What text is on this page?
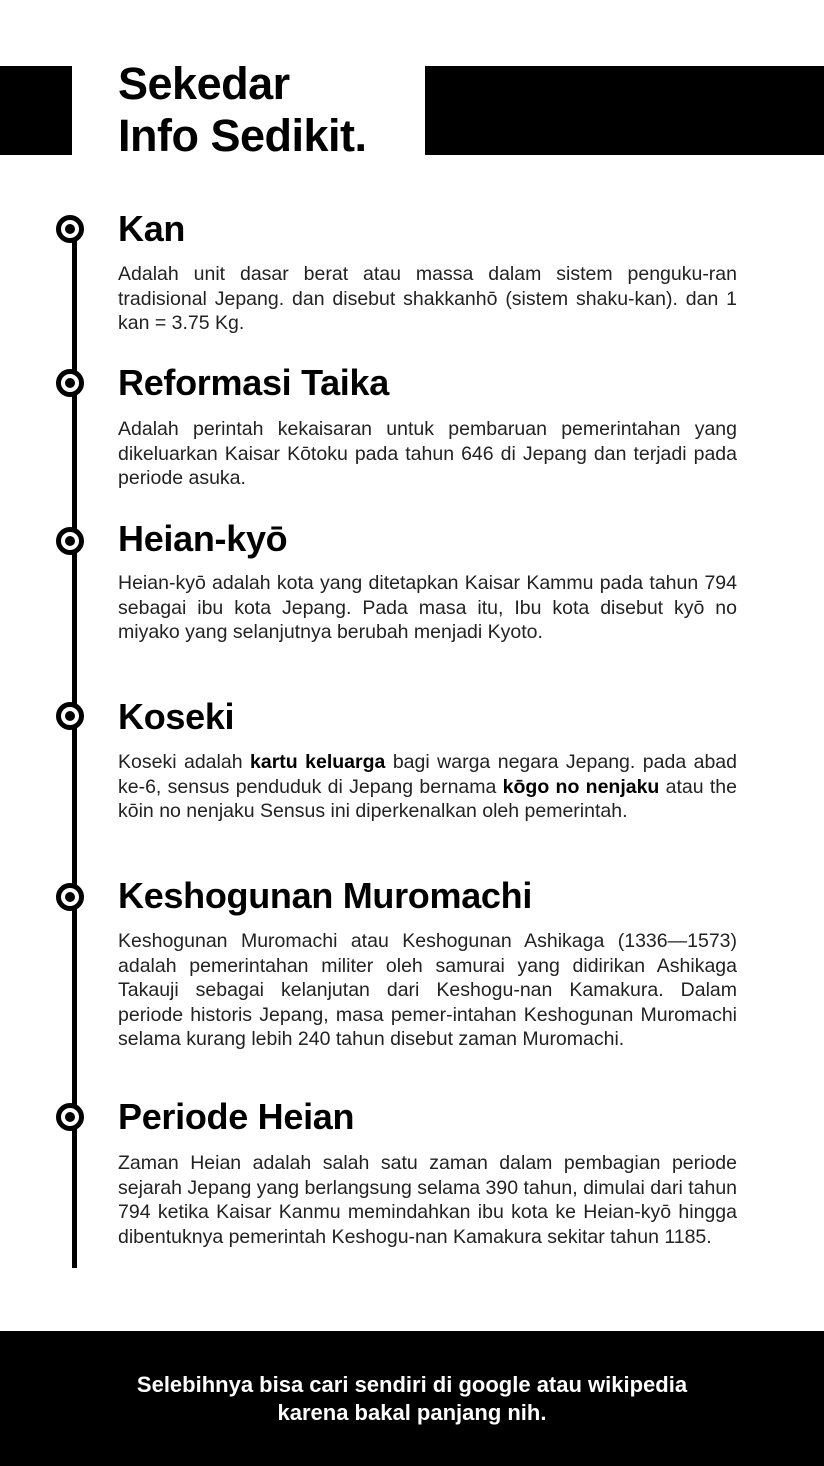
Sekedar
Info Sedikit.
Kan
Adalah unit dasar berat atau massa dalam sistem penguku-ran tradisional Jepang. dan disebut shakkanhō (sistem shaku-kan). dan 1 kan = 3.75 Kg.
Reformasi Taika
Adalah perintah kekaisaran untuk pembaruan pemerintahan yang dikeluarkan Kaisar Kōtoku pada tahun 646 di Jepang dan terjadi pada periode asuka.
Heian-kyō
Heian-kyō adalah kota yang ditetapkan Kaisar Kammu pada tahun 794 sebagai ibu kota Jepang. Pada masa itu, Ibu kota disebut kyō no miyako yang selanjutnya berubah menjadi Kyoto.
Koseki
Koseki adalah kartu keluarga bagi warga negara Jepang. pada abad ke-6, sensus penduduk di Jepang bernama kōgo no nenjaku atau the kōin no nenjaku Sensus ini diperkenalkan oleh pemerintah.
Keshogunan Muromachi
Keshogunan Muromachi atau Keshogunan Ashikaga (1336—1573) adalah pemerintahan militer oleh samurai yang didirikan Ashikaga Takauji sebagai kelanjutan dari Keshogu-nan Kamakura. Dalam periode historis Jepang, masa pemer-intahan Keshogunan Muromachi selama kurang lebih 240 tahun disebut zaman Muromachi.
Periode Heian
Zaman Heian adalah salah satu zaman dalam pembagian periode sejarah Jepang yang berlangsung selama 390 tahun, dimulai dari tahun 794 ketika Kaisar Kanmu memindahkan ibu kota ke Heian-kyō hingga dibentuknya pemerintah Keshogu-nan Kamakura sekitar tahun 1185.
Selebihnya bisa cari sendiri di google atau wikipedia
karena bakal panjang nih.
